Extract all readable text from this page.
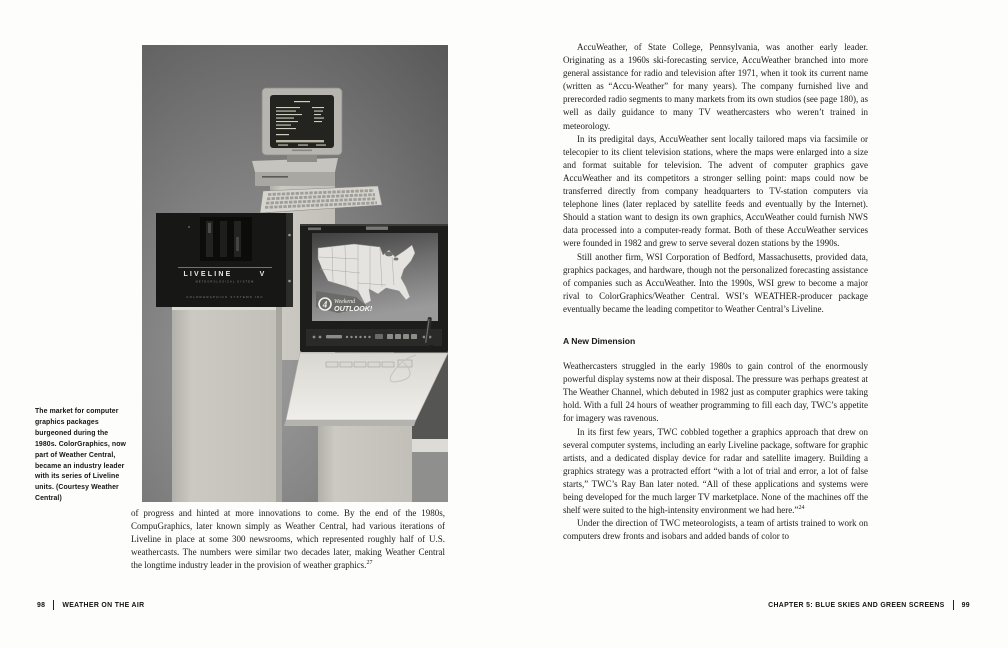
LIVELINE	V
METEOROLOGICAL SYSTEM
COLORGRAPHICS SYSTEMS INC
4 Weekend
OUTLOOK!
The market for computer graphics packages burgeoned during the 1980s. ColorGraphics, now part of Weather Central, became an industry leader with its series of Liveline units. (Courtesy Weather Central)

of progress and hinted at more innovations to come. By the end of the 1980s, CompuGraphics, later known simply as Weather Central, had various iterations of Liveline in place at some 300 newsrooms, which represented roughly half of U.S. weathercasts. The numbers were similar two decades later, making Weather Central the longtime industry leader in the provision of weather graphics.$^{27}$

98 WEATHER ON THE AIR

AccuWeather, of State College, Pennsylvania, was another early leader. Originating as a 1960s ski-forecasting service, AccuWeather branched into more general assistance for radio and television after 1971, when it took its current name (written as “Accu-Weather” for many years). The company furnished live and prerecorded radio segments to many markets from its own studios (see page 180), as well as daily guidance to many TV weathercasters who weren’t trained in meteorology.

In its predigital days, AccuWeather sent locally tailored maps via facsimile or telecopier to its client television stations, where the maps were enlarged into a size and format suitable for television. The advent of computer graphics gave AccuWeather and its competitors a stronger selling point: maps could now be transferred directly from company headquarters to TV-station computers via telephone lines (later replaced by satellite feeds and eventually by the Internet). Should a station want to design its own graphics, AccuWeather could furnish NWS data processed into a computer-ready format. Both of these AccuWeather services were founded in 1982 and grew to serve several dozen stations by the 1990s.

Still another firm, WSI Corporation of Bedford, Massachusetts, provided data, graphics packages, and hardware, though not the personalized forecasting assistance of companies such as AccuWeather. Into the 1990s, WSI grew to become a major rival to ColorGraphics/Weather Central. WSI’s WEATHER-producer package eventually became the leading competitor to Weather Central’s Liveline.

A New Dimension

Weathercasters struggled in the early 1980s to gain control of the enormously powerful display systems now at their disposal. The pressure was perhaps greatest at The Weather Channel, which debuted in 1982 just as computer graphics were taking hold. With a full 24 hours of weather programming to fill each day, TWC’s appetite for imagery was ravenous.

In its first few years, TWC cobbled together a graphics approach that drew on several computer systems, including an early Liveline package, software for graphic artists, and a dedicated display device for radar and satellite imagery. Building a graphics strategy was a protracted effort “with a lot of trial and error, a lot of false starts,” TWC’s Ray Ban later noted. “All of these applications and systems were being developed for the much larger TV marketplace. None of the machines off the shelf were suited to the high-intensity environment we had here.”$^{24}$

Under the direction of TWC meteorologists, a team of artists trained to work on computers drew fronts and isobars and added bands of color to

CHAPTER 5: BLUE SKIES AND GREEN SCREENS 99
